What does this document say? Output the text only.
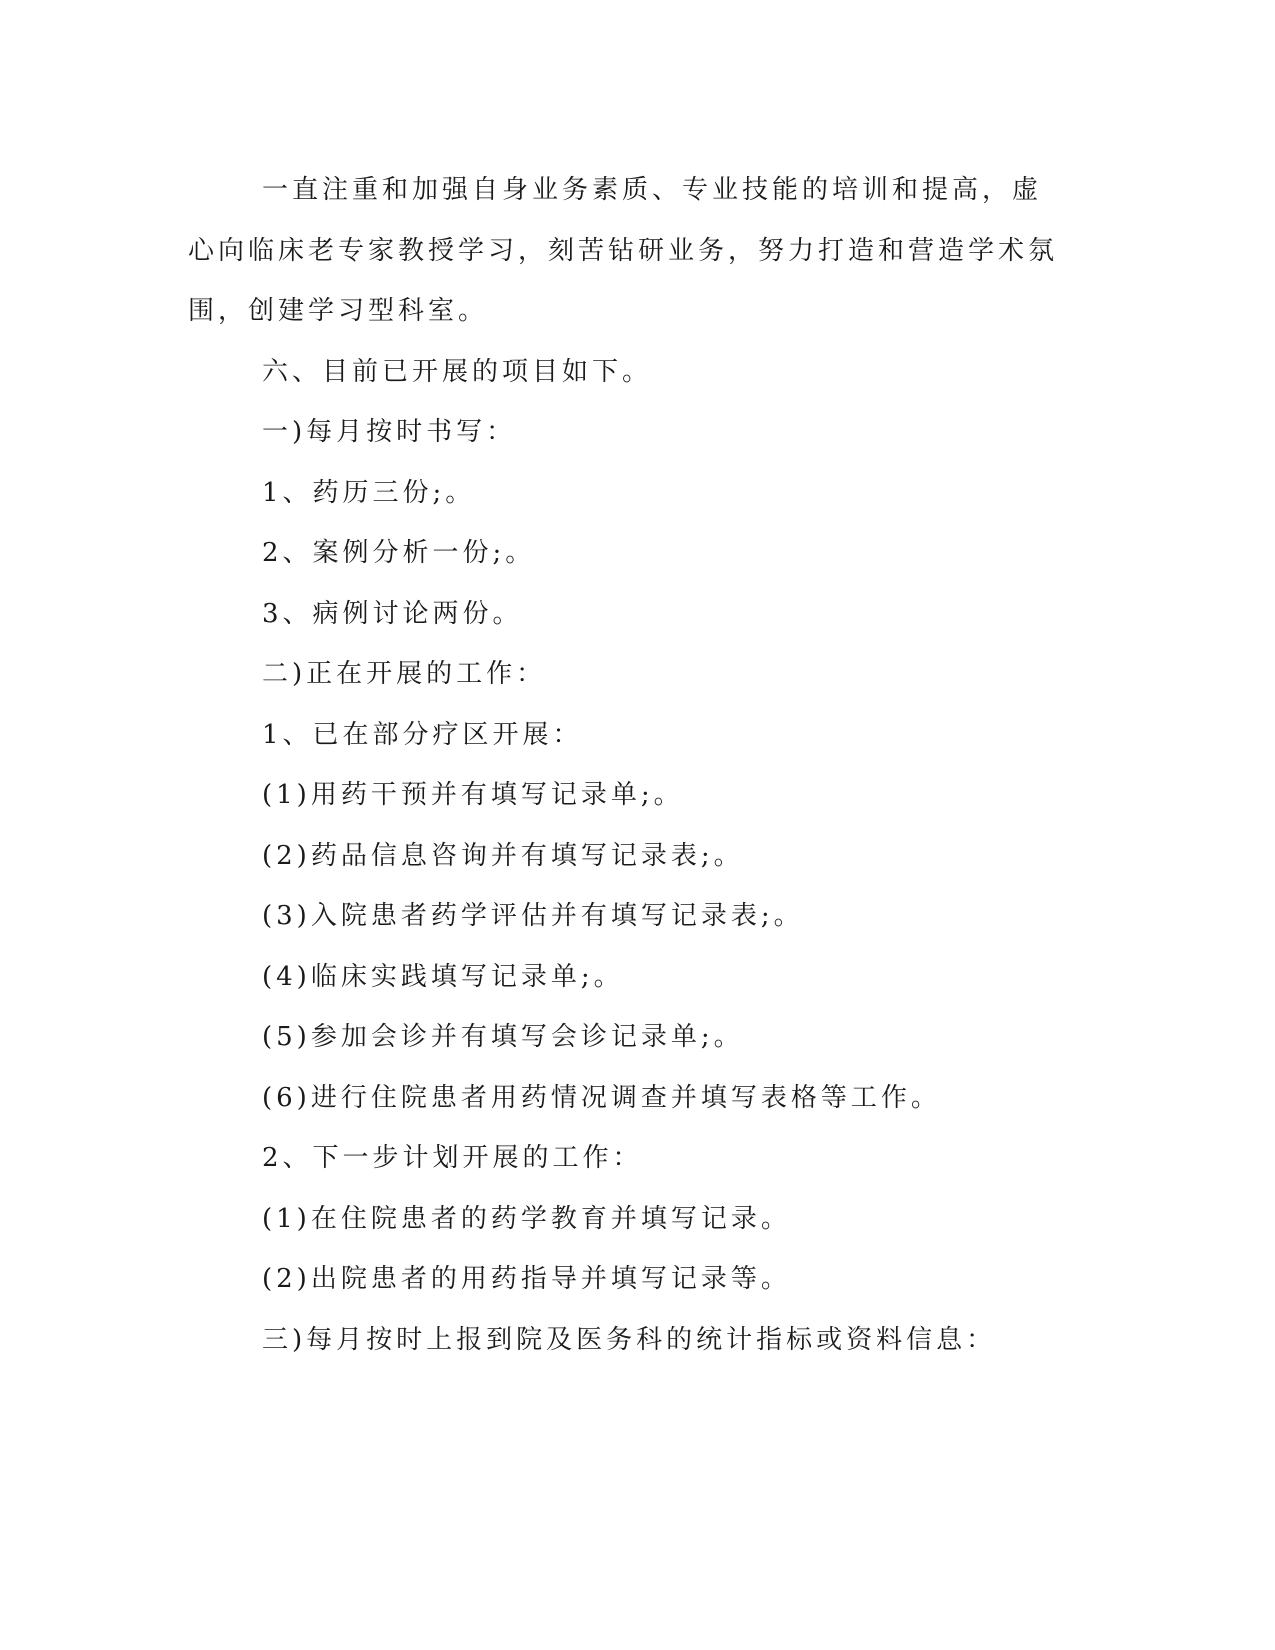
一直注重和加强自身业务素质、专业技能的培训和提高，虚心向临床老专家教授学习，刻苦钻研业务，努力打造和营造学术氛围，创建学习型科室。

六、目前已开展的项目如下。

一)每月按时书写：

1、药历三份;。

2、案例分析一份;。

3、病例讨论两份。

二)正在开展的工作：

1、已在部分疗区开展：

(1)用药干预并有填写记录单;。

(2)药品信息咨询并有填写记录表;。

(3)入院患者药学评估并有填写记录表;。

(4)临床实践填写记录单;。

(5)参加会诊并有填写会诊记录单;。

(6)进行住院患者用药情况调查并填写表格等工作。

2、下一步计划开展的工作：

(1)在住院患者的药学教育并填写记录。

(2)出院患者的用药指导并填写记录等。

三)每月按时上报到院及医务科的统计指标或资料信息：
